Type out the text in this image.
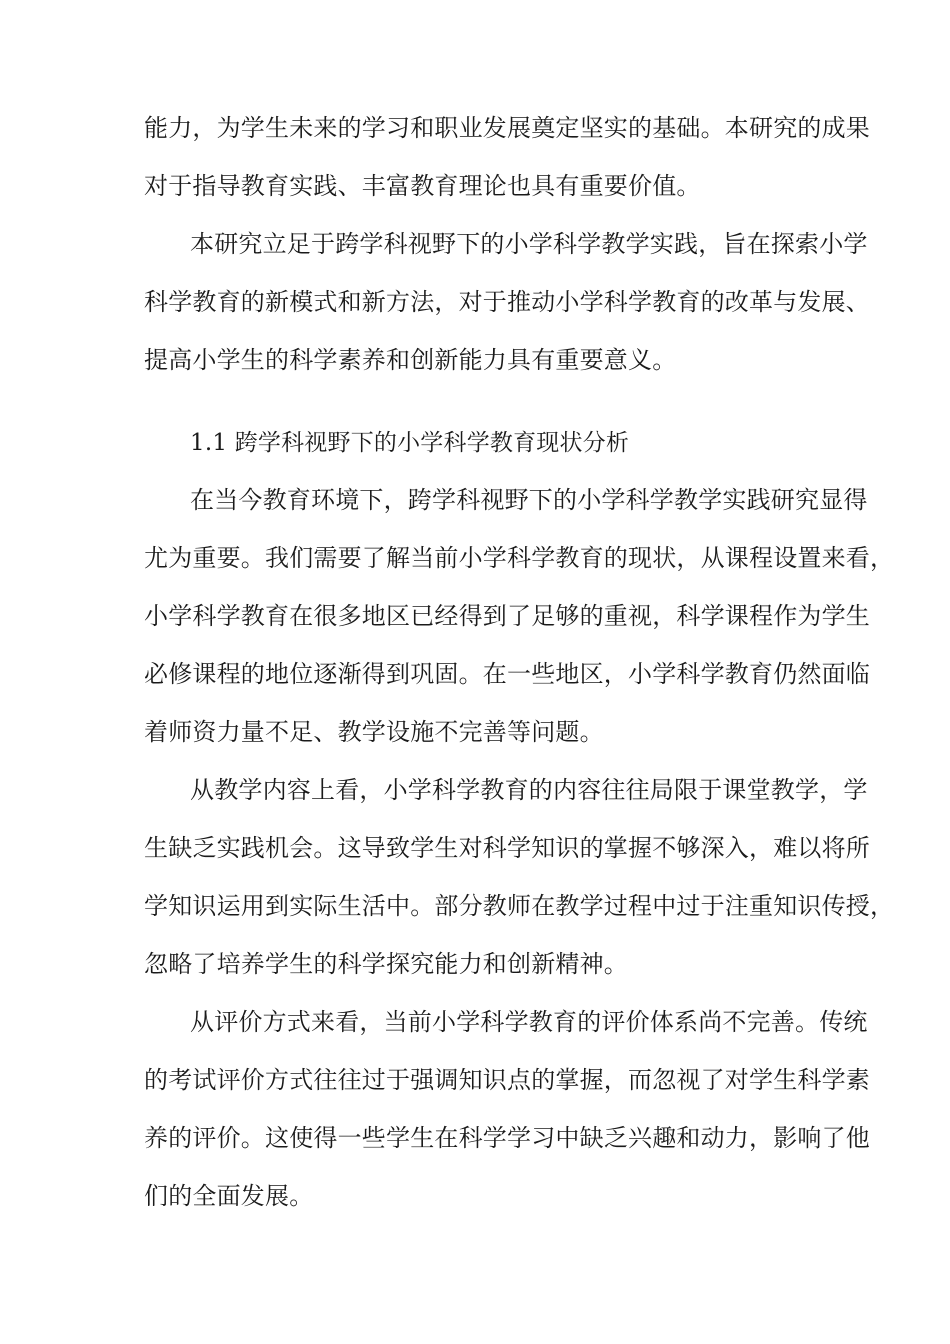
能力，为学生未来的学习和职业发展奠定坚实的基础。本研究的成果
对于指导教育实践、丰富教育理论也具有重要价值。
本研究立足于跨学科视野下的小学科学教学实践，旨在探索小学
科学教育的新模式和新方法，对于推动小学科学教育的改革与发展、
提高小学生的科学素养和创新能力具有重要意义。
1.1 跨学科视野下的小学科学教育现状分析
在当今教育环境下，跨学科视野下的小学科学教学实践研究显得
尤为重要。我们需要了解当前小学科学教育的现状，从课程设置来看，
小学科学教育在很多地区已经得到了足够的重视，科学课程作为学生
必修课程的地位逐渐得到巩固。在一些地区，小学科学教育仍然面临
着师资力量不足、教学设施不完善等问题。
从教学内容上看，小学科学教育的内容往往局限于课堂教学，学
生缺乏实践机会。这导致学生对科学知识的掌握不够深入，难以将所
学知识运用到实际生活中。部分教师在教学过程中过于注重知识传授，
忽略了培养学生的科学探究能力和创新精神。
从评价方式来看，当前小学科学教育的评价体系尚不完善。传统
的考试评价方式往往过于强调知识点的掌握，而忽视了对学生科学素
养的评价。这使得一些学生在科学学习中缺乏兴趣和动力，影响了他
们的全面发展。
